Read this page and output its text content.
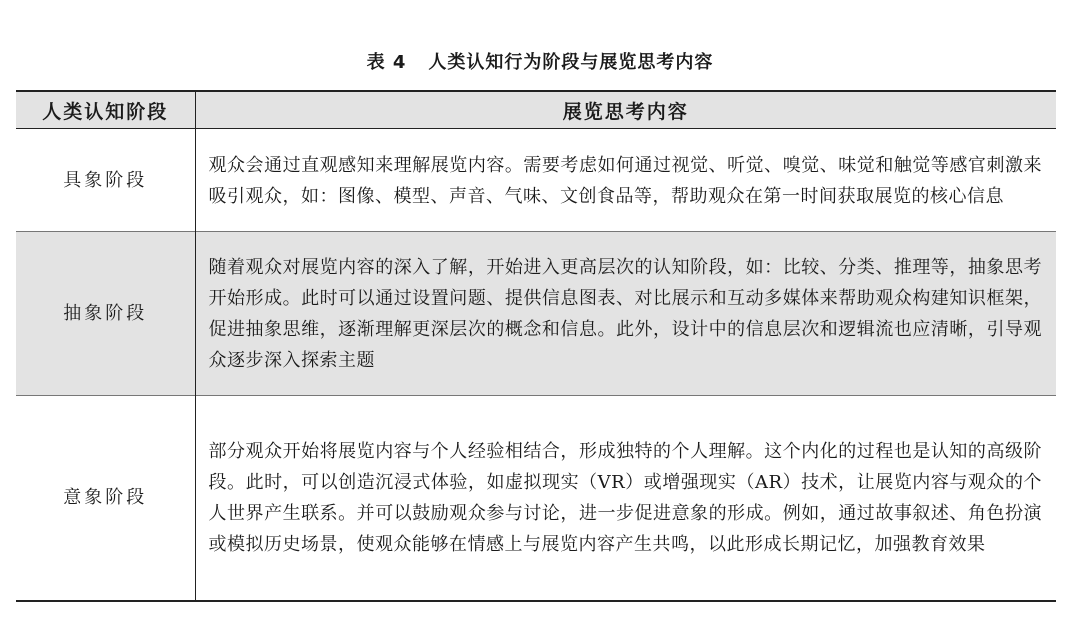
表 4 人类认知行为阶段与展览思考内容
人类认知阶段	展览思考内容
具象阶段	观众会通过直观感知来理解展览内容。需要考虑如何通过视觉、听觉、嗅觉、味觉和触觉等感官刺激来吸引观众，如：图像、模型、声音、气味、文创食品等，帮助观众在第一时间获取展览的核心信息
抽象阶段	随着观众对展览内容的深入了解，开始进入更高层次的认知阶段，如：比较、分类、推理等，抽象思考开始形成。此时可以通过设置问题、提供信息图表、对比展示和互动多媒体来帮助观众构建知识框架，促进抽象思维，逐渐理解更深层次的概念和信息。此外，设计中的信息层次和逻辑流也应清晰，引导观众逐步深入探索主题
意象阶段	部分观众开始将展览内容与个人经验相结合，形成独特的个人理解。这个内化的过程也是认知的高级阶段。此时，可以创造沉浸式体验，如虚拟现实（VR）或增强现实（AR）技术，让展览内容与观众的个人世界产生联系。并可以鼓励观众参与讨论，进一步促进意象的形成。例如，通过故事叙述、角色扮演或模拟历史场景，使观众能够在情感上与展览内容产生共鸣，以此形成长期记忆，加强教育效果
